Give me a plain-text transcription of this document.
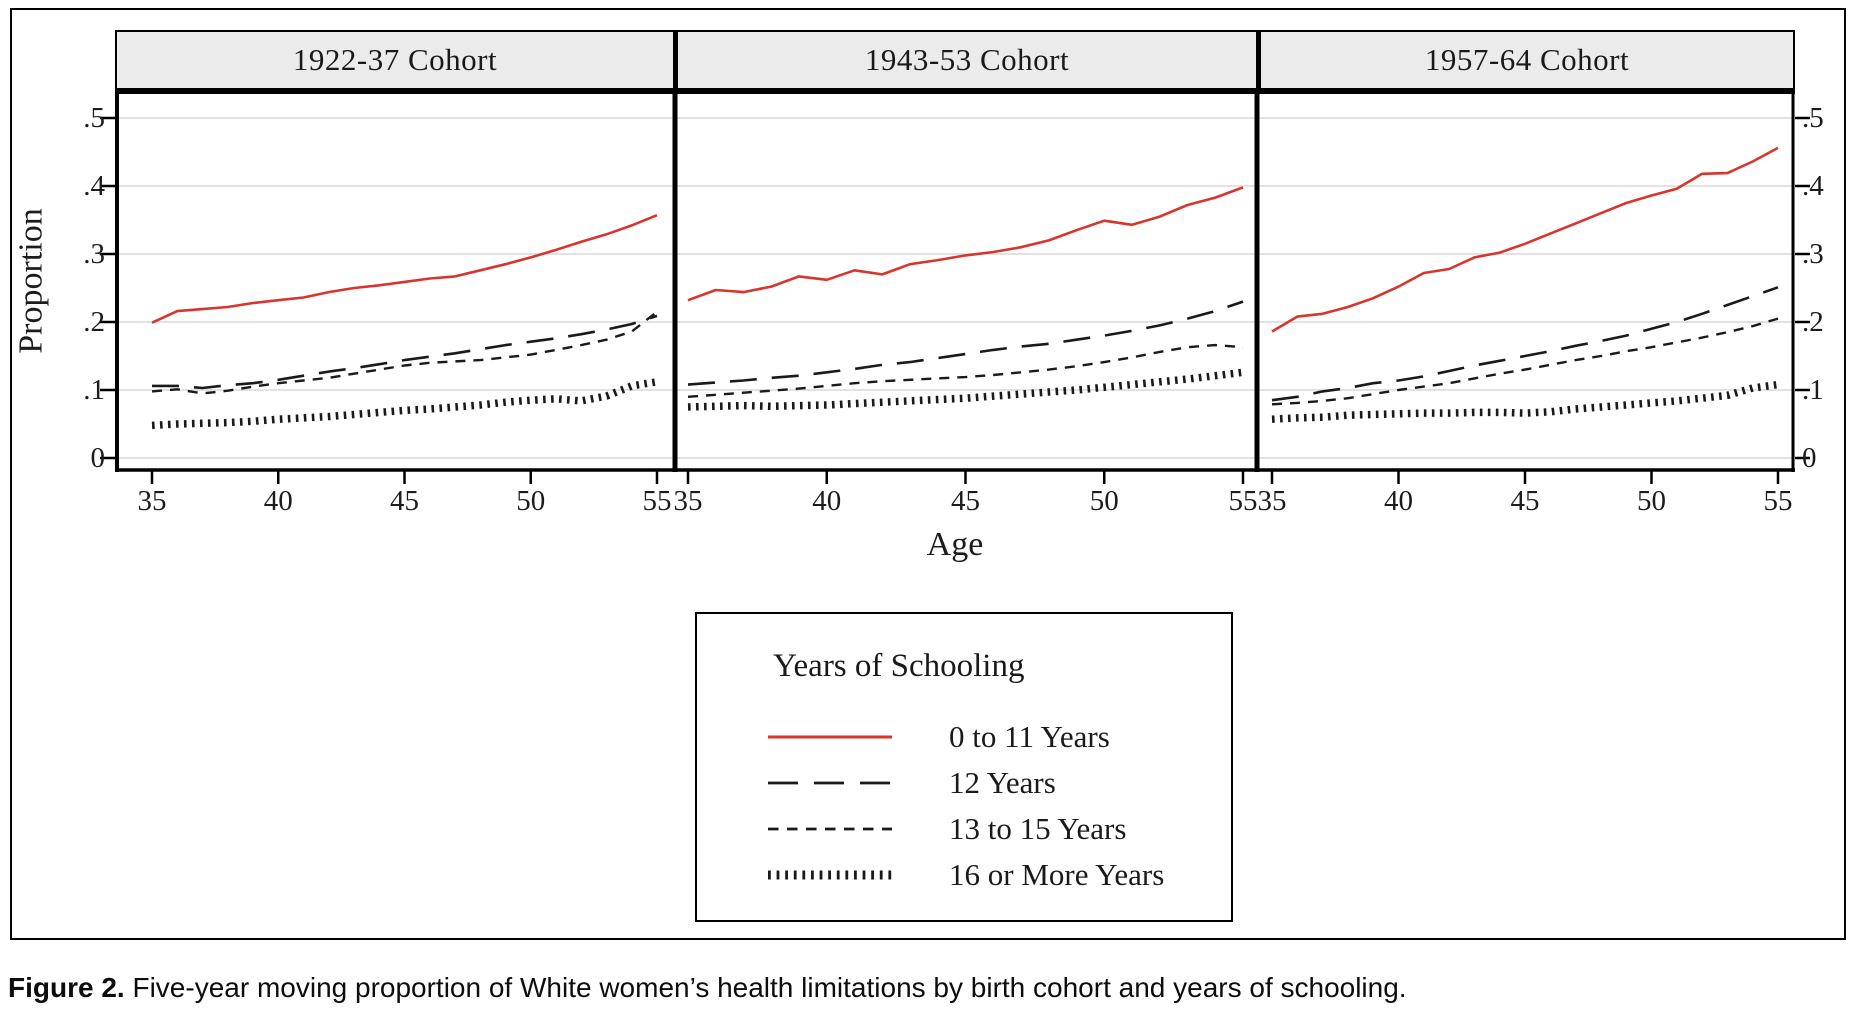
1922-37 Cohort	1943-53 Cohort	1957-64 Cohort
.5
.4
.3
.2
.1
0
.5
.4
.3
.2
.1
0
35	40	45	50	55 35	40	45	50	55 35	40	45	50	55
Proportion
Age
Years of Schooling
0 to 11 Years
12 Years
13 to 15 Years
16 or More Years
Figure 2. Five-year moving proportion of White women’s health limitations by birth cohort and years of schooling.
